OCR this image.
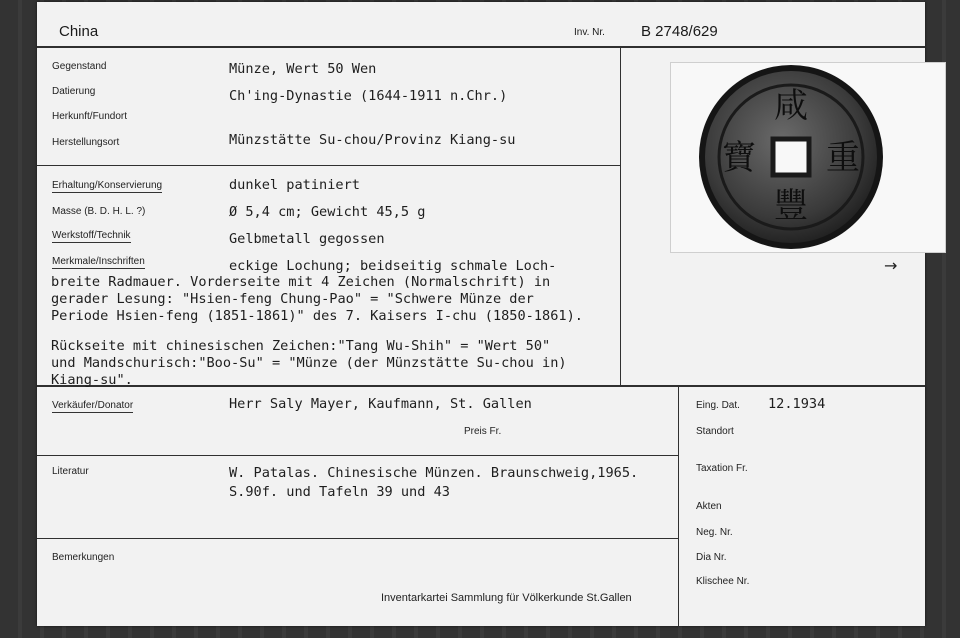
China	Inv. Nr. B 2748/629
Gegenstand
Datierung
Herkunft/Fundort
Herstellungsort
Erhaltung/Konservierung
Masse (B. D. H. L. ?)
Werkstoff/Technik
Merkmale/Inschriften
Verkäufer/Donator
Preis Fr.
Literatur
Bemerkungen
Münze, Wert 50 Wen
Ch'ing-Dynastie (1644-1911 n.Chr.)
Münzstätte Su-chou/Provinz Kiang-su
dunkel patiniert
Ø 5,4 cm; Gewicht 45,5 g
Gelbmetall gegossen
eckige Lochung; beidseitig schmale Loch-
breite Radmauer. Vorderseite mit 4 Zeichen (Normalschrift) in
gerader Lesung: "Hsien-feng Chung-Pao" = "Schwere Münze der
Periode Hsien-feng (1851-1861)" des 7. Kaisers I-chu (1850-1861).
Rückseite mit chinesischen Zeichen:"Tang Wu-Shih" = "Wert 50"
und Mandschurisch:"Boo-Su" = "Münze (der Münzstätte Su-chou in)
Kiang-su".
Herr Saly Mayer, Kaufmann, St. Gallen
W. Patalas. Chinesische Münzen. Braunschweig,1965.
S.90f. und Tafeln 39 und 43
咸
豐
重
寶
→
Eing. Dat. 12.1934
Standort
Taxation Fr.
Akten
Neg. Nr.
Dia Nr.
Klischee Nr.
Inventarkartei Sammlung für Völkerkunde St.Gallen
